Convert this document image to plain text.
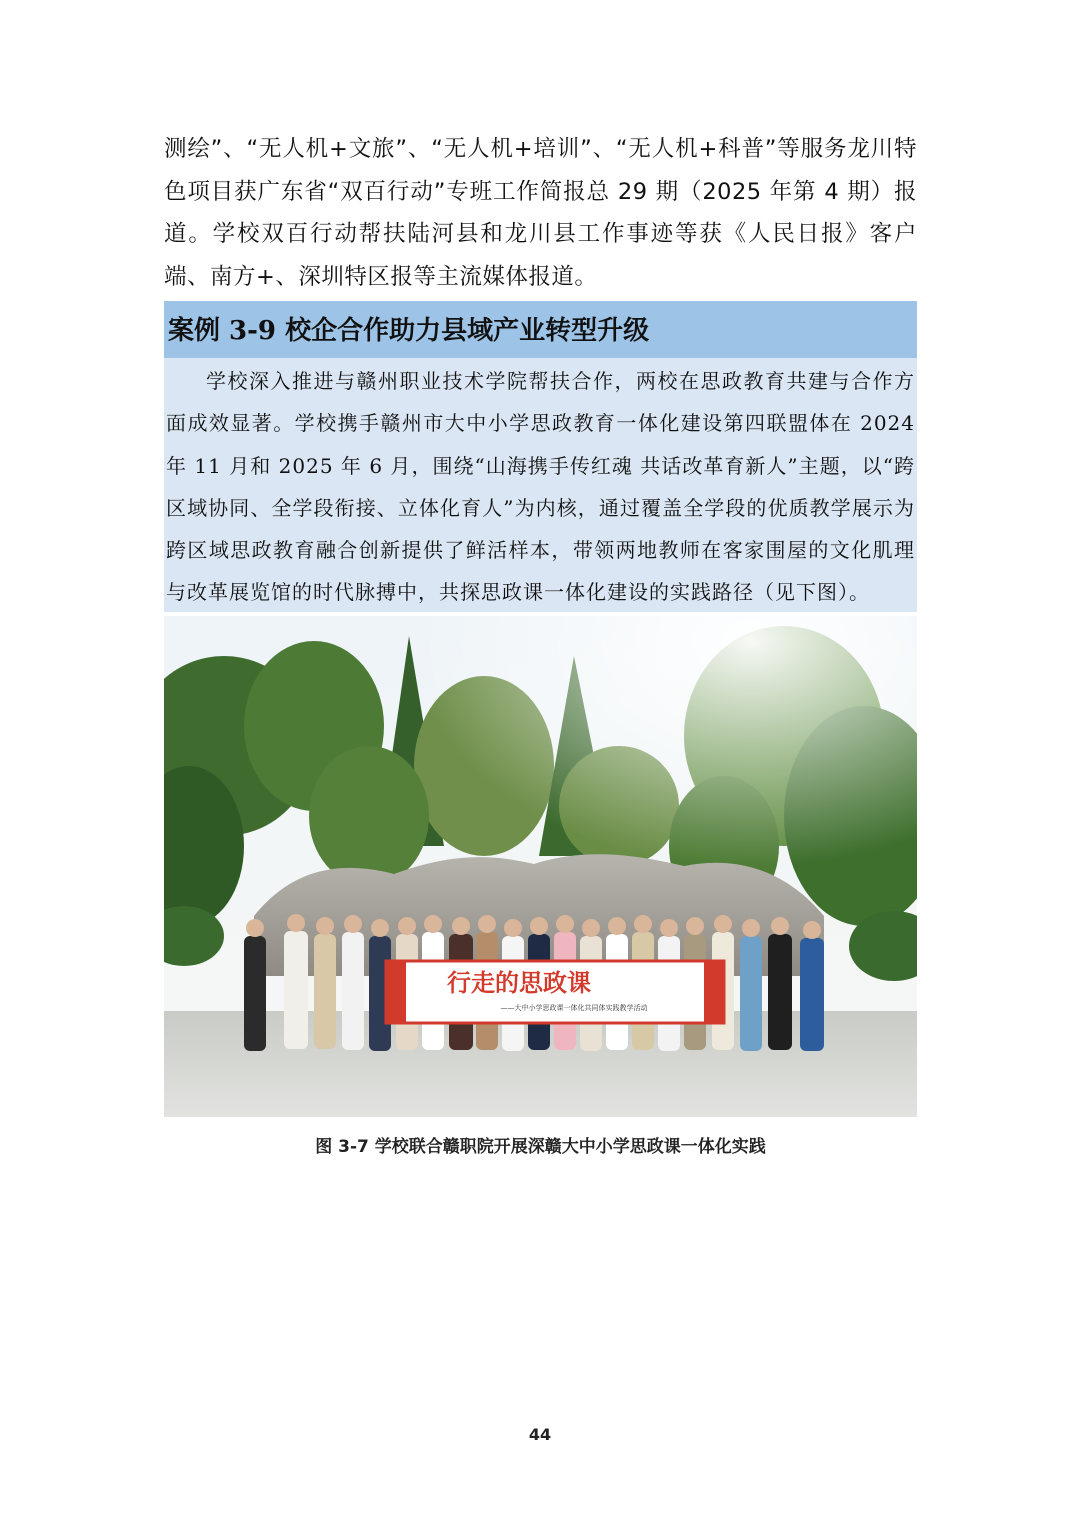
测绘”、“无人机+文旅”、“无人机+培训”、“无人机+科普”等服务龙川特色项目获广东省“双百行动”专班工作简报总 29 期（2025 年第 4 期）报道。学校双百行动帮扶陆河县和龙川县工作事迹等获《人民日报》客户端、南方+、深圳特区报等主流媒体报道。

案例 3-9 校企合作助力县域产业转型升级

学校深入推进与赣州职业技术学院帮扶合作，两校在思政教育共建与合作方面成效显著。学校携手赣州市大中小学思政教育一体化建设第四联盟体在 2024 年 11 月和 2025 年 6 月，围绕“山海携手传红魂 共话改革育新人”主题，以“跨区域协同、全学段衔接、立体化育人”为内核，通过覆盖全学段的优质教学展示为跨区域思政教育融合创新提供了鲜活样本，带领两地教师在客家围屋的文化肌理与改革展览馆的时代脉搏中，共探思政课一体化建设的实践路径（见下图）。

行走的思政课
——大中小学思政课一体化共同体实践教学活动
图 3-7 学校联合赣职院开展深赣大中小学思政课一体化实践
44
